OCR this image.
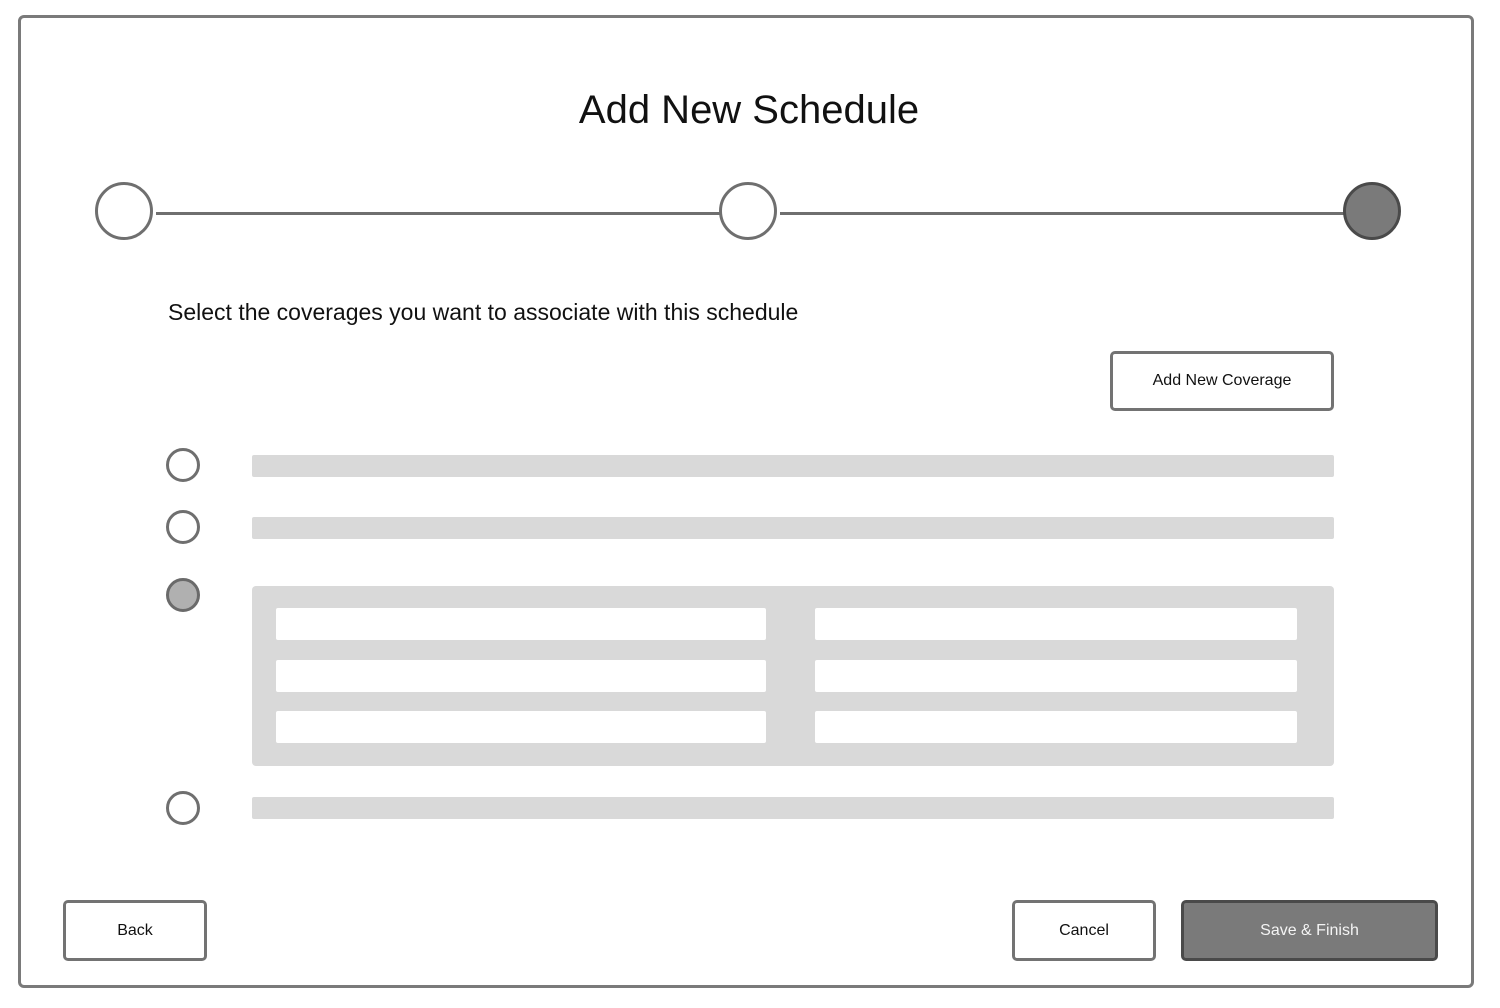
Add New Schedule

Select the coverages you want to associate with this schedule

Add New Coverage
Back	Cancel	Save & Finish
